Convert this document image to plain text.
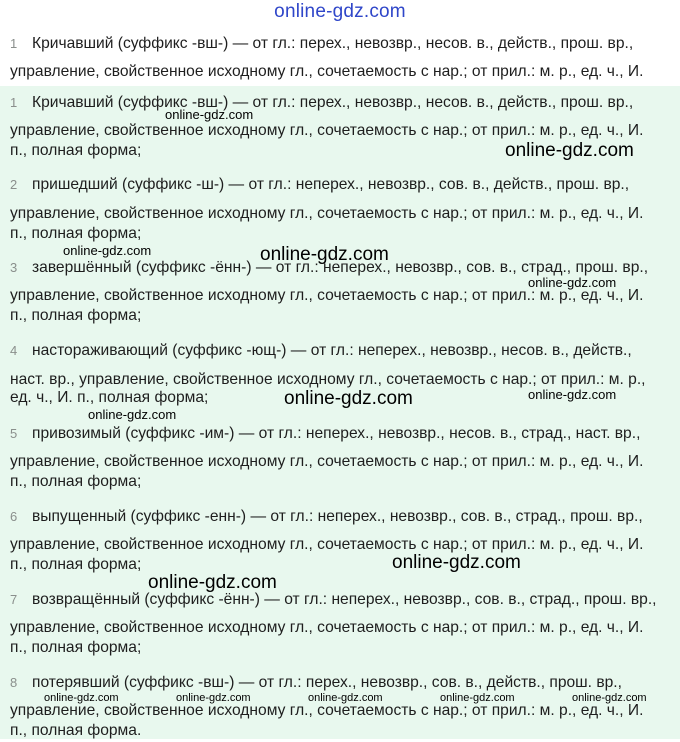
online-gdz.com
1 Кричавший (суффикс -вш-) — от гл.: перех., невозвр., несов. в., действ., прош. вр.,
управление, свойственное исходному гл., сочетаемость с нар.; от прил.: м. р., ед. ч., И.
1 Кричавший (суффикс -вш-) — от гл.: перех., невозвр., несов. в., действ., прош. вр.,
управление, свойственное исходному гл., сочетаемость с нар.; от прил.: м. р., ед. ч., И.
п., полная форма;
2 пришедший (суффикс -ш-) — от гл.: неперех., невозвр., сов. в., действ., прош. вр.,
управление, свойственное исходному гл., сочетаемость с нар.; от прил.: м. р., ед. ч., И.
п., полная форма;
3 завершённый (суффикс -ённ-) — от гл.: неперех., невозвр., сов. в., страд., прош. вр.,
управление, свойственное исходному гл., сочетаемость с нар.; от прил.: м. р., ед. ч., И.
п., полная форма;
4 настораживающий (суффикс -ющ-) — от гл.: неперех., невозвр., несов. в., действ.,
наст. вр., управление, свойственное исходному гл., сочетаемость с нар.; от прил.: м. р.,
ед. ч., И. п., полная форма;
5 привозимый (суффикс -им-) — от гл.: неперех., невозвр., несов. в., страд., наст. вр.,
управление, свойственное исходному гл., сочетаемость с нар.; от прил.: м. р., ед. ч., И.
п., полная форма;
6 выпущенный (суффикс -енн-) — от гл.: неперех., невозвр., сов. в., страд., прош. вр.,
управление, свойственное исходному гл., сочетаемость с нар.; от прил.: м. р., ед. ч., И.
п., полная форма;
7 возвращённый (суффикс -ённ-) — от гл.: неперех., невозвр., сов. в., страд., прош. вр.,
управление, свойственное исходному гл., сочетаемость с нар.; от прил.: м. р., ед. ч., И.
п., полная форма;
8 потерявший (суффикс -вш-) — от гл.: перех., невозвр., сов. в., действ., прош. вр.,
управление, свойственное исходному гл., сочетаемость с нар.; от прил.: м. р., ед. ч., И.
п., полная форма.
online-gdz.com
online-gdz.com
online-gdz.com	online-gdz.com
online-gdz.com
online-gdz.com	online-gdz.com
online-gdz.com
online-gdz.com
online-gdz.com
online-gdz.com	online-gdz.com	online-gdz.com	online-gdz.com	online-gdz.com
